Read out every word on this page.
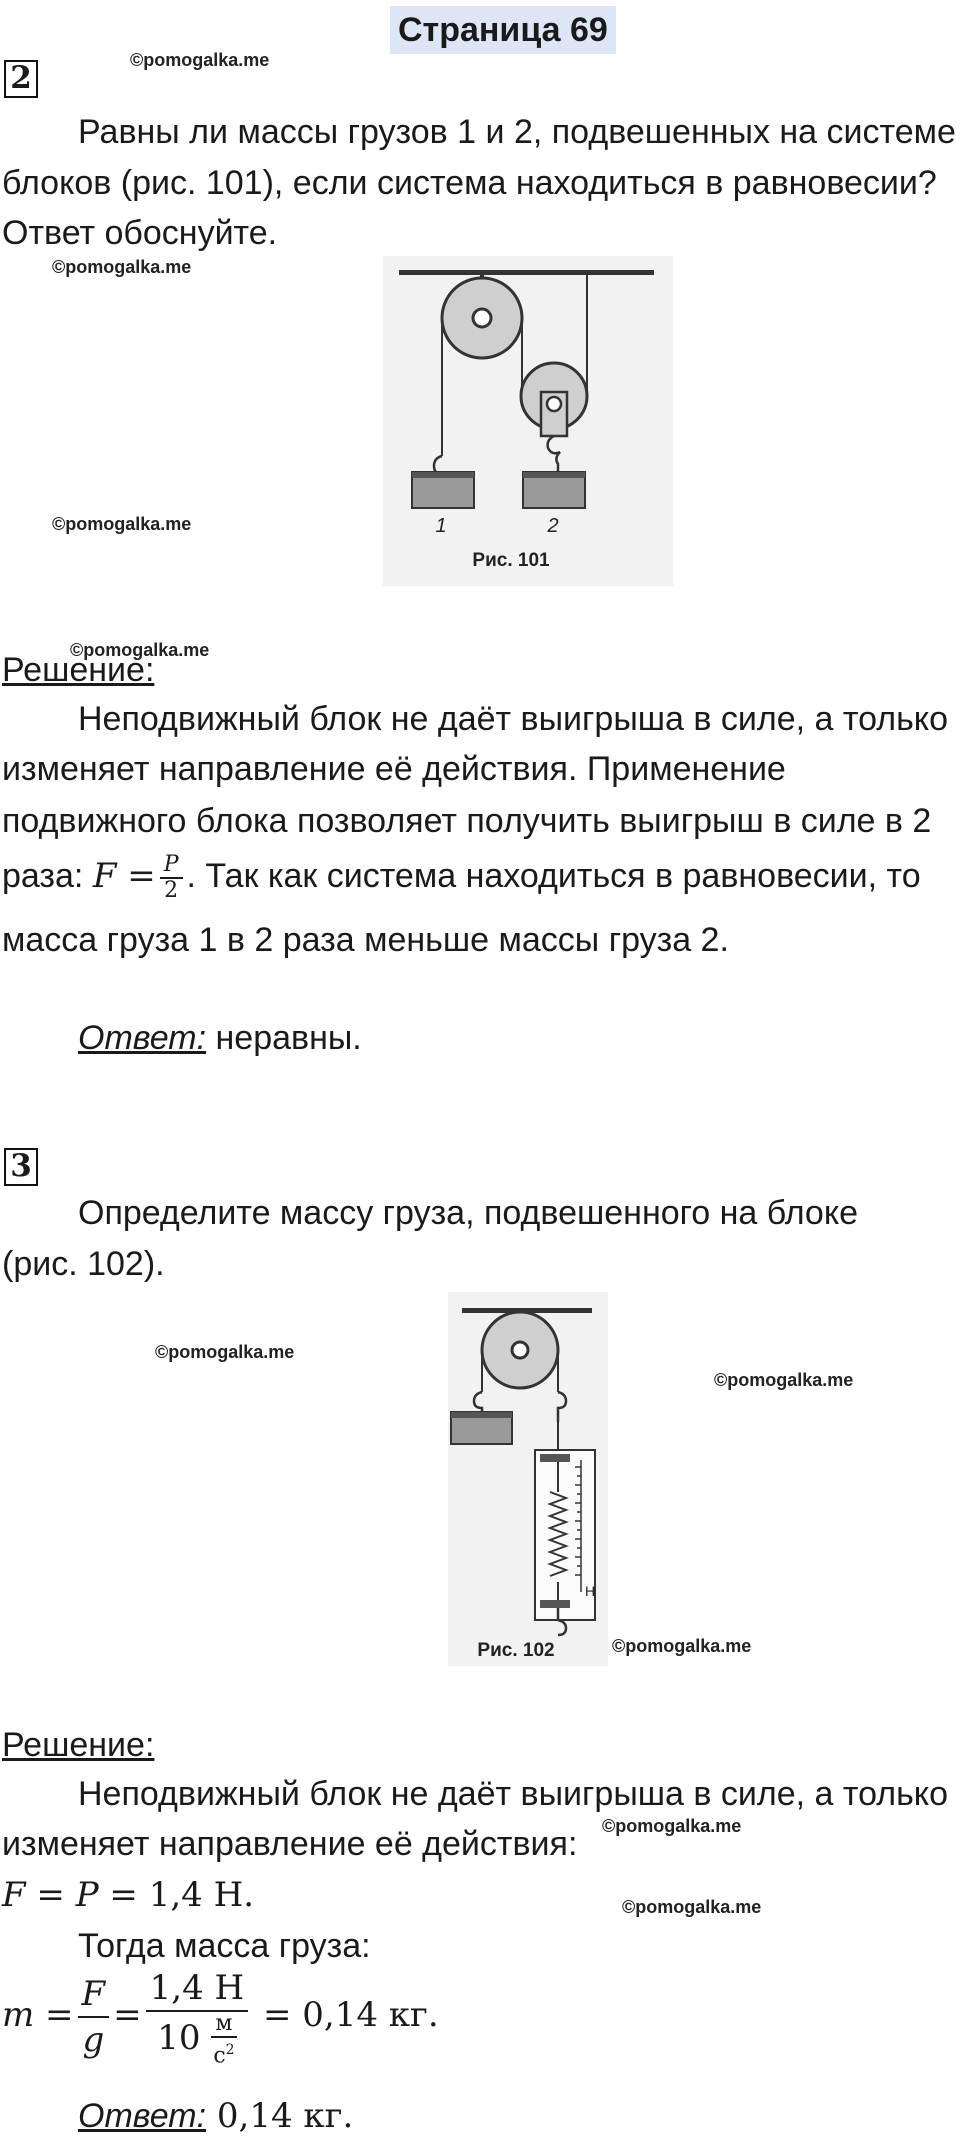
Страница 69
2	©pomogalka.me
Равны ли массы грузов 1 и 2, подвешенных на системе
блоков (рис. 101), если система находиться в равновесии?
Ответ обоснуйте.
©pomogalka.me
1	2
Рис. 101
©pomogalka.me
©pomogalka.me
Решение:
Неподвижный блок не даёт выигрыша в силе, а только
изменяет направление её действия. Применение
подвижного блока позволяет получить выигрыш в силе в 2
раза: $F = \frac{P}{2}$ . Так как система находиться в равновесии, то
масса груза 1 в 2 раза меньше массы груза 2.
Ответ: неравны.
3
Определите массу груза, подвешенного на блоке
(рис. 102).
©pomogalka.me
©pomogalka.me
Н
Рис. 102	©pomogalka.me
Решение:
Неподвижный блок не даёт выигрыша в силе, а только
©pomogalka.me
изменяет направление её действия:
F = P = 1,4 Н.	©pomogalka.me
Тогда масса груза:
$m = \frac{F}{g} = \frac{1,4 Н}{10 \frac{м}{с^2}} = 0,14$ кг.
Ответ: 0,14 кг.
